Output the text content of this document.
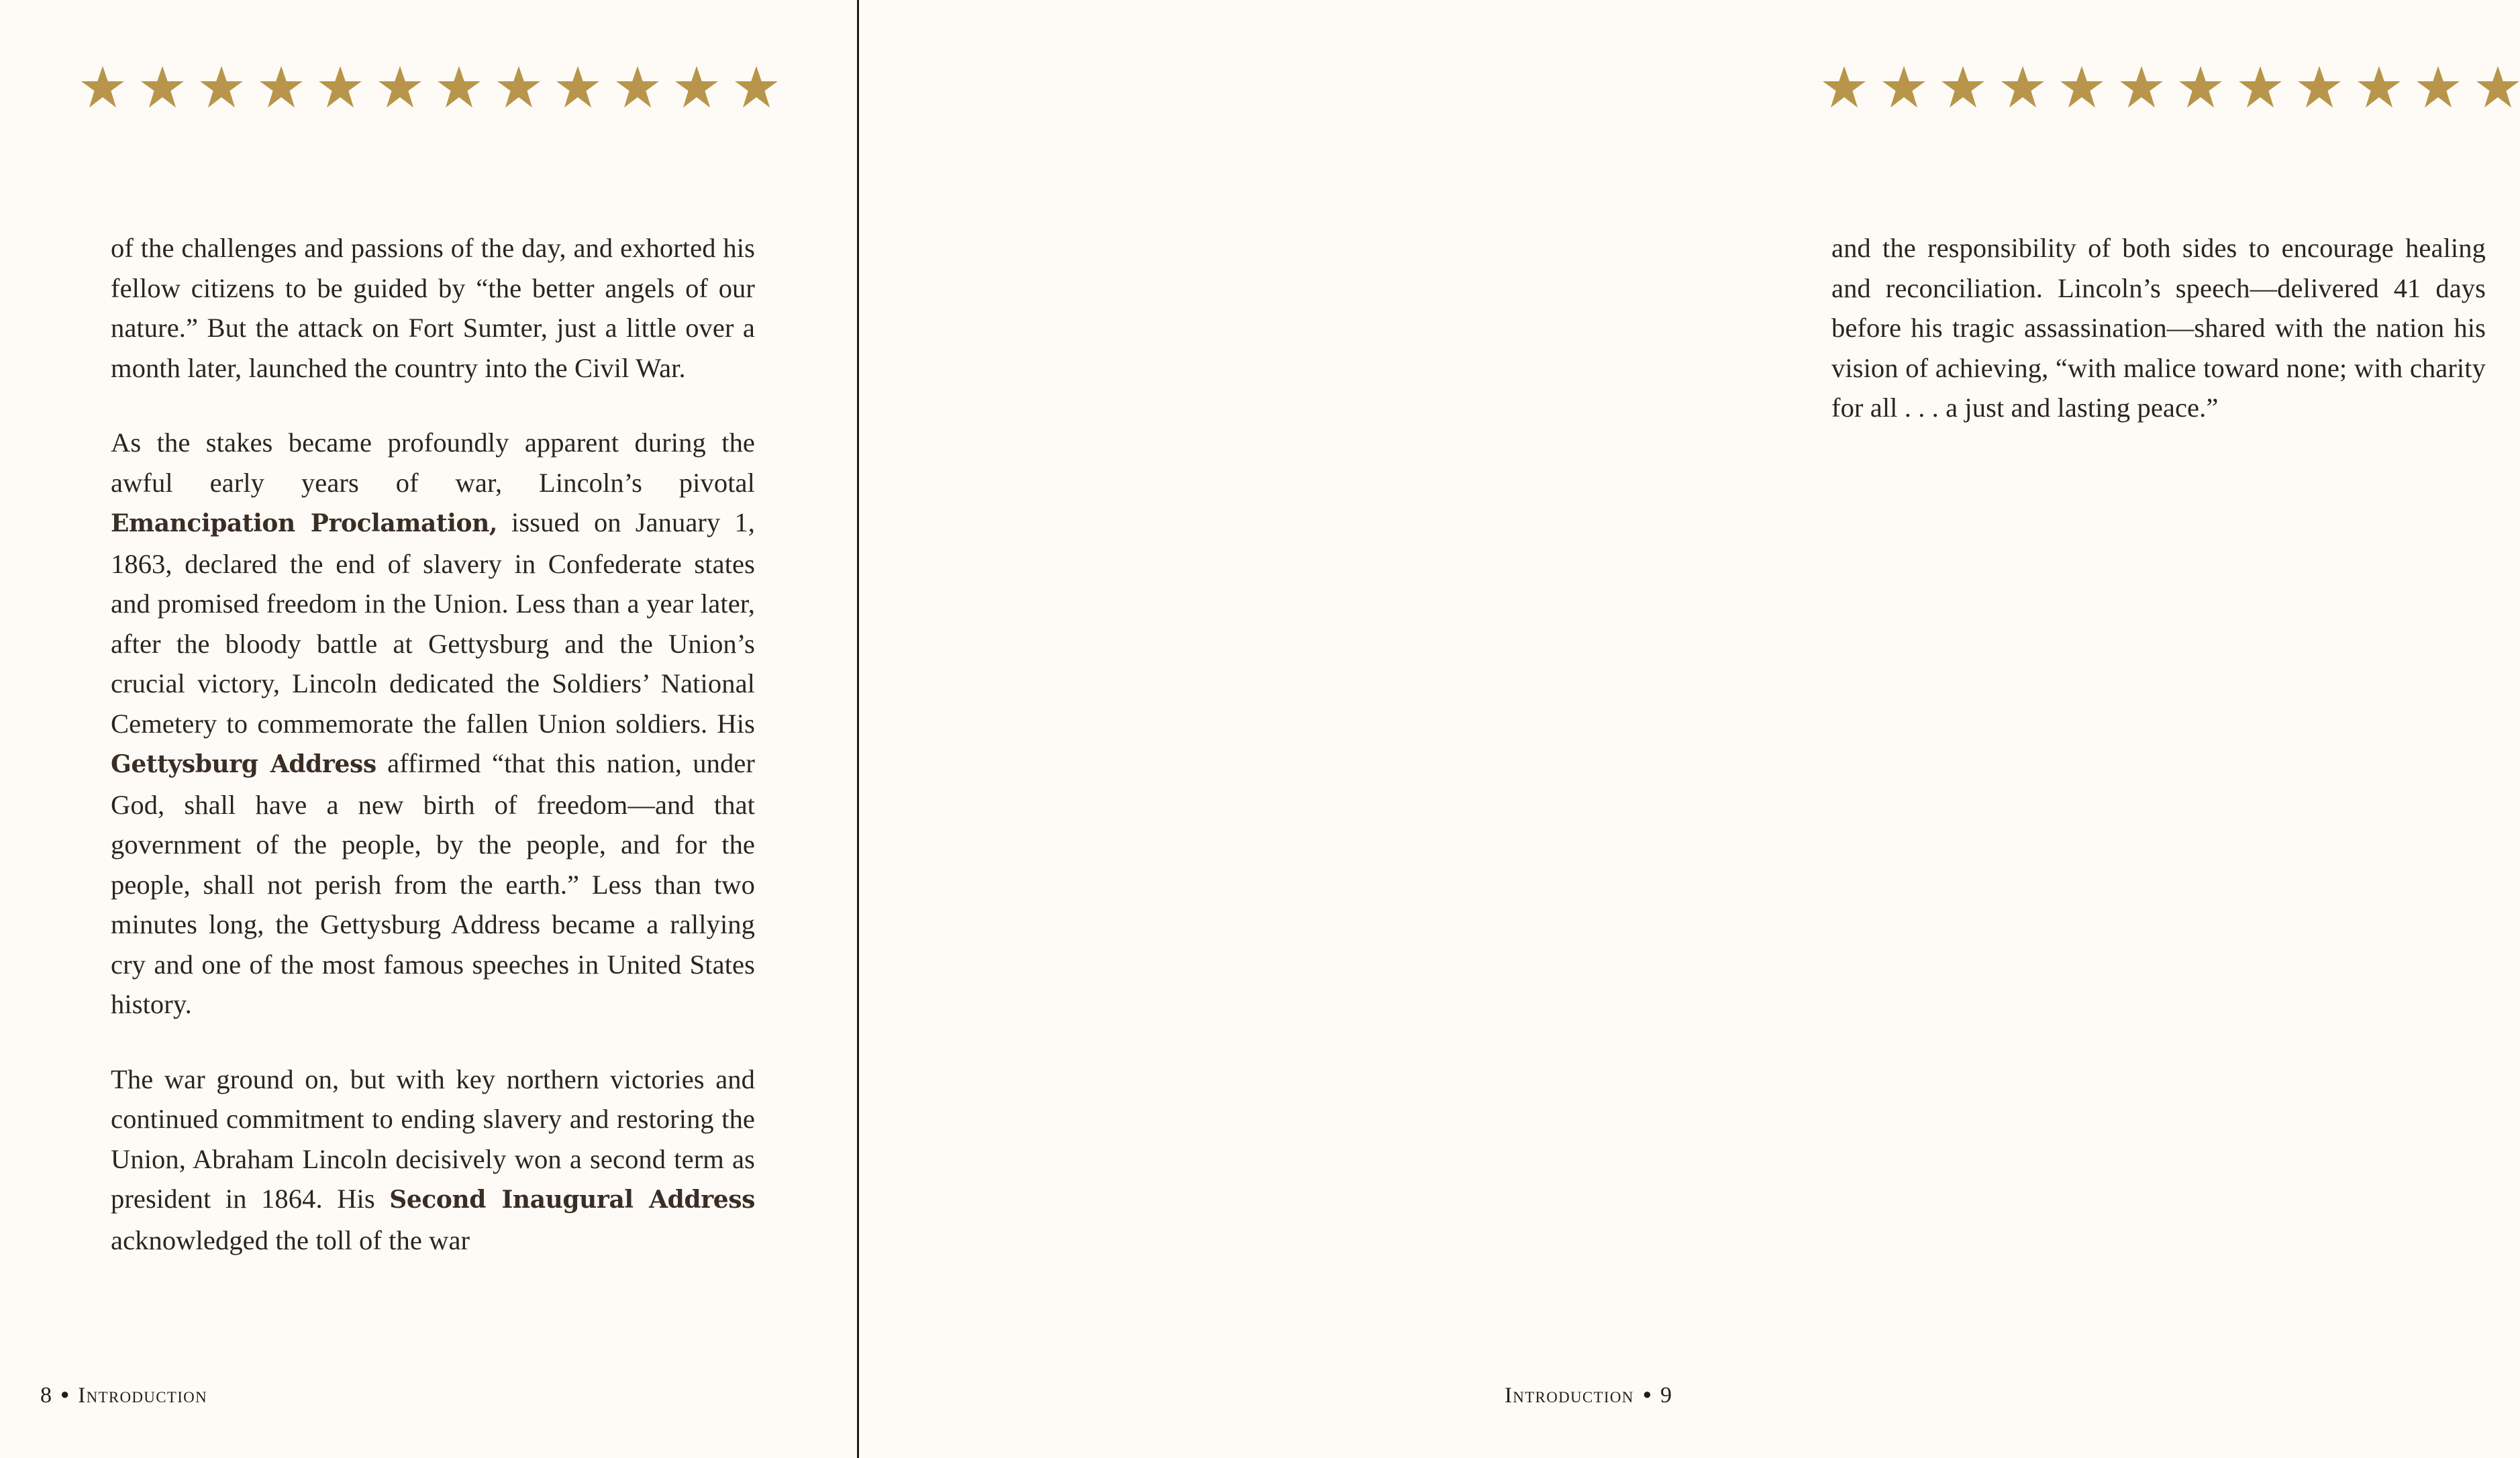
of the challenges and passions of the day, and exhorted his fellow citizens to be guided by “the better angels of our nature.” But the attack on Fort Sumter, just a little over a month later, launched the country into the Civil War.

As the stakes became profoundly apparent during the awful early years of war, Lincoln’s pivotal Emancipation Proclamation, issued on January 1, 1863, declared the end of slavery in Confederate states and promised freedom in the Union. Less than a year later, after the bloody battle at Gettysburg and the Union’s crucial victory, Lincoln dedicated the Soldiers’ National Cemetery to commemorate the fallen Union soldiers. His Gettysburg Address affirmed “that this nation, under God, shall have a new birth of freedom—and that government of the people, by the people, and for the people, shall not perish from the earth.” Less than two minutes long, the Gettysburg Address became a rallying cry and one of the most famous speeches in United States history.

The war ground on, but with key northern victories and continued commitment to ending slavery and restoring the Union, Abraham Lincoln decisively won a second term as president in 1864. His Second Inaugural Address acknowledged the toll of the war

8 ● Introduction

and the responsibility of both sides to encourage healing and reconciliation. Lincoln’s speech—delivered 41 days before his tragic assassination—shared with the nation his vision of achieving, “with malice toward none; with charity for all . . . a just and lasting peace.”

Introduction ● 9
